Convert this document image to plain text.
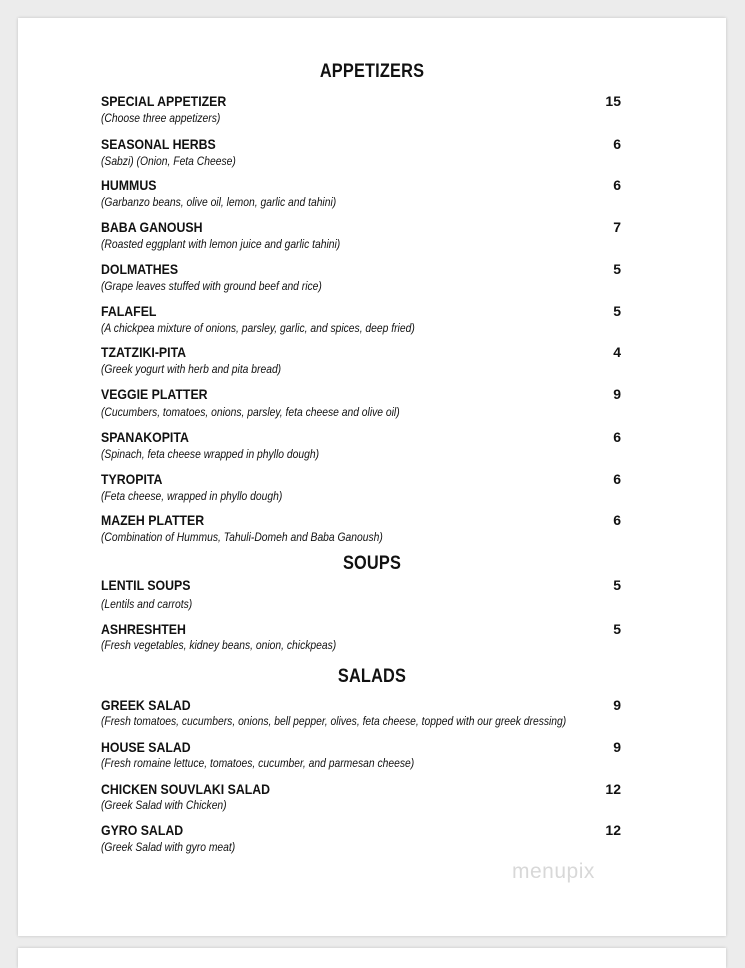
APPETIZERS
SPECIAL APPETIZER
(Choose three appetizers)
15
SEASONAL HERBS
(Sabzi) (Onion, Feta Cheese)
6
HUMMUS
(Garbanzo beans, olive oil, lemon, garlic and tahini)
6
BABA GANOUSH
(Roasted eggplant with lemon juice and garlic tahini)
7
DOLMATHES
(Grape leaves stuffed with ground beef and rice)
5
FALAFEL
(A chickpea mixture of onions, parsley, garlic, and spices, deep fried)
5
TZATZIKI-PITA
(Greek yogurt with herb and pita bread)
4
VEGGIE PLATTER
(Cucumbers, tomatoes, onions, parsley, feta cheese and olive oil)
9
SPANAKOPITA
(Spinach, feta cheese wrapped in phyllo dough)
6
TYROPITA
(Feta cheese, wrapped in phyllo dough)
6
MAZEH PLATTER
(Combination of Hummus, Tahuli-Domeh and Baba Ganoush)
6
SOUPS
LENTIL SOUPS
(Lentils and carrots)
5
ASHRESHTEH
(Fresh vegetables, kidney beans, onion, chickpeas)
5
SALADS
GREEK SALAD
(Fresh tomatoes, cucumbers, onions, bell pepper, olives, feta cheese, topped with our greek dressing)
9
HOUSE SALAD
(Fresh romaine lettuce, tomatoes, cucumber, and parmesan cheese)
9
CHICKEN SOUVLAKI SALAD
(Greek Salad with Chicken)
12
GYRO SALAD
(Greek Salad with gyro meat)
12
menupix
